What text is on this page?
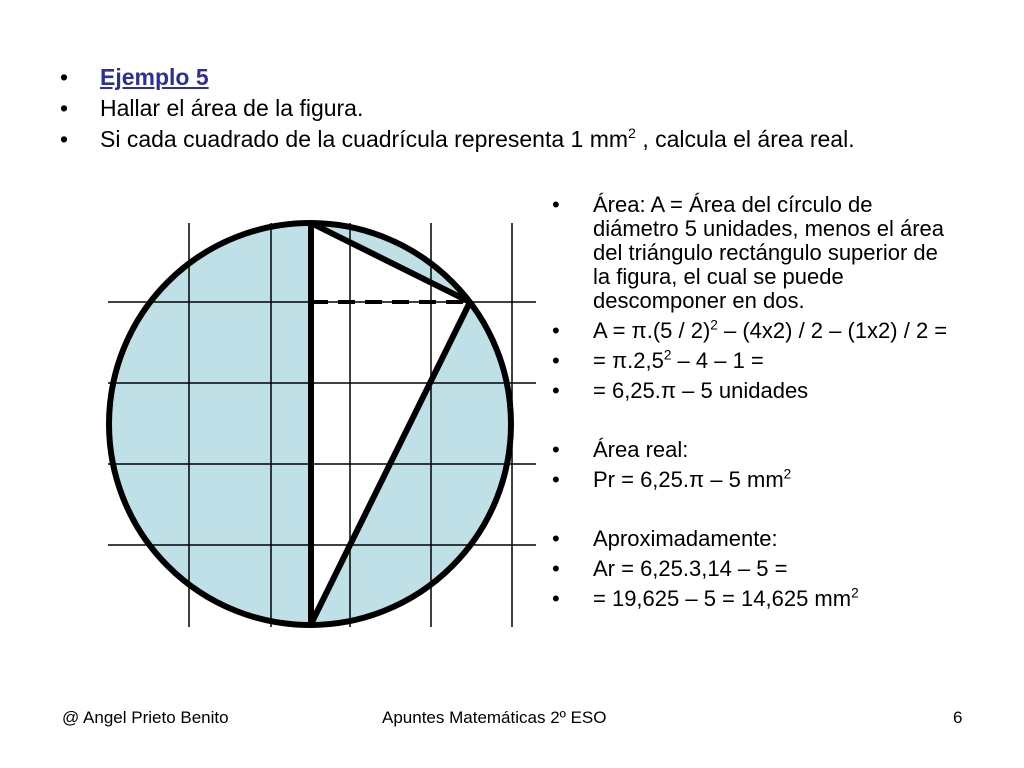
• Ejemplo 5
• Hallar el área de la figura.
• Si cada cuadrado de la cuadrícula representa 1 $mm^2$ , calcula el área real.
• Área: A = Área del círculo de diámetro 5 unidades, menos el área del triángulo rectángulo superior de la figura, el cual se puede descomponer en dos.
• A = π.(5 / 2)$^2$ – (4x2) / 2 – (1x2) / 2 =
• = $\pi.2,5^2 - 4 - 1$ =
• = 6,25.π – 5 unidades
• Área real:
• Pr = 6,25.π – 5 $mm^2$
• Aproximadamente:
• Ar = 6,25.3,14 – 5 =
• = 19,625 – 5 = 14,625 $mm^2$
@ Angel Prieto Benito	Apuntes Matemáticas 2º ESO	6
